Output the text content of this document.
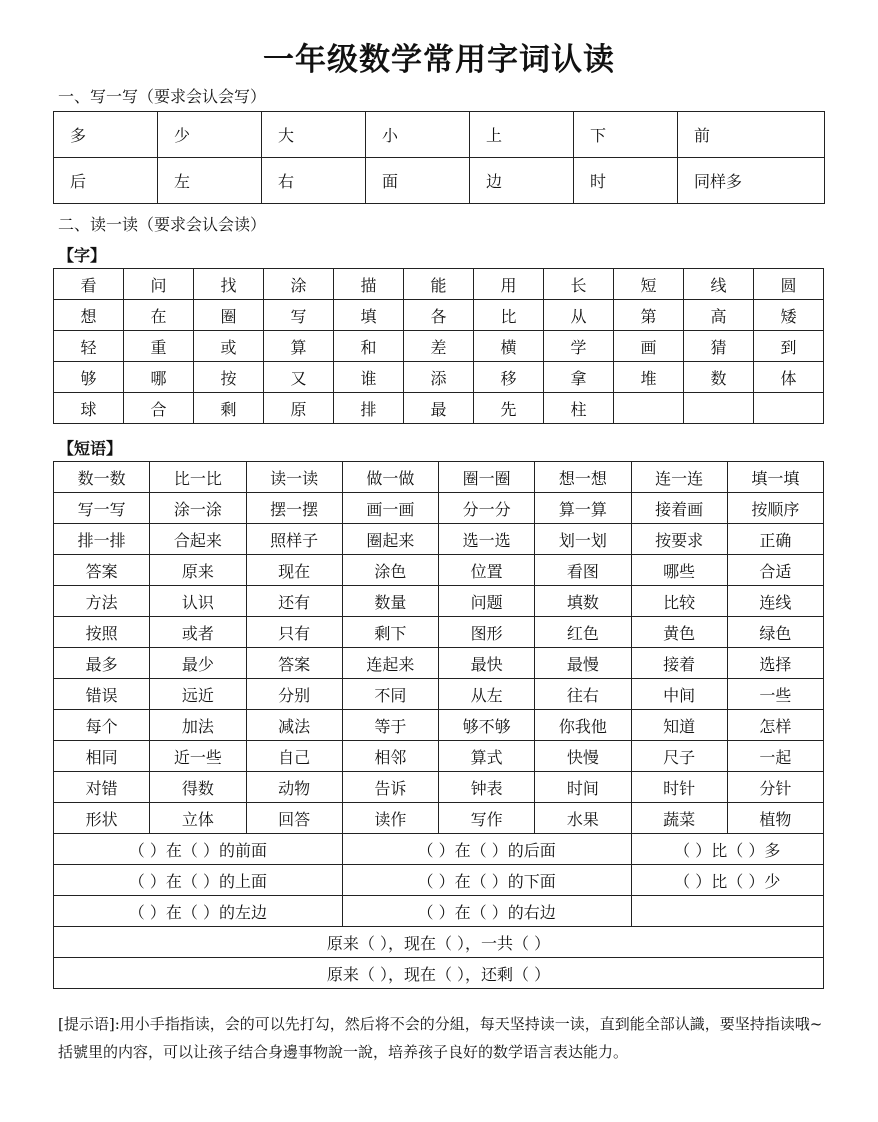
一年级数学常用字词认读
一、写一写（要求会认会写）
多	少	大	小	上	下	前
后	左	右	面	边	时	同样多
二、读一读（要求会认会读）
【字】
看	问	找	涂	描	能	用	长	短	线	圆
想	在	圈	写	填	各	比	从	第	高	矮
轻	重	或	算	和	差	横	学	画	猜	到
够	哪	按	又	谁	添	移	拿	堆	数	体
球	合	剩	原	排	最	先	柱			
【短语】
数一数	比一比	读一读	做一做	圈一圈	想一想	连一连	填一填
写一写	涂一涂	摆一摆	画一画	分一分	算一算	接着画	按顺序
排一排	合起来	照样子	圈起来	选一选	划一划	按要求	正确
答案	原来	现在	涂色	位置	看图	哪些	合适
方法	认识	还有	数量	问题	填数	比较	连线
按照	或者	只有	剩下	图形	红色	黄色	绿色
最多	最少	答案	连起来	最快	最慢	接着	选择
错误	远近	分别	不同	从左	往右	中间	一些
每个	加法	减法	等于	够不够	你我他	知道	怎样
相同	近一些	自己	相邻	算式	快慢	尺子	一起
对错	得数	动物	告诉	钟表	时间	时针	分针
形状	立体	回答	读作	写作	水果	蔬菜	植物
（ ）在（ ）的前面			（ ）在（ ）的后面			（ ）比（ ）多	
（ ）在（ ）的上面			（ ）在（ ）的下面			（ ）比（ ）少	
（ ）在（ ）的左边			（ ）在（ ）的右边				
原来（ ），现在（ ），一共（ ）							
原来（ ），现在（ ），还剩（ ）							

[提示语]:用小手指指读，会的可以先打勾，然后将不会的分組，每天坚持读一读，直到能全部认識，要坚持指读哦~

括號里的内容，可以让孩子结合身邊事物說一說，培养孩子良好的数学语言表达能力。
